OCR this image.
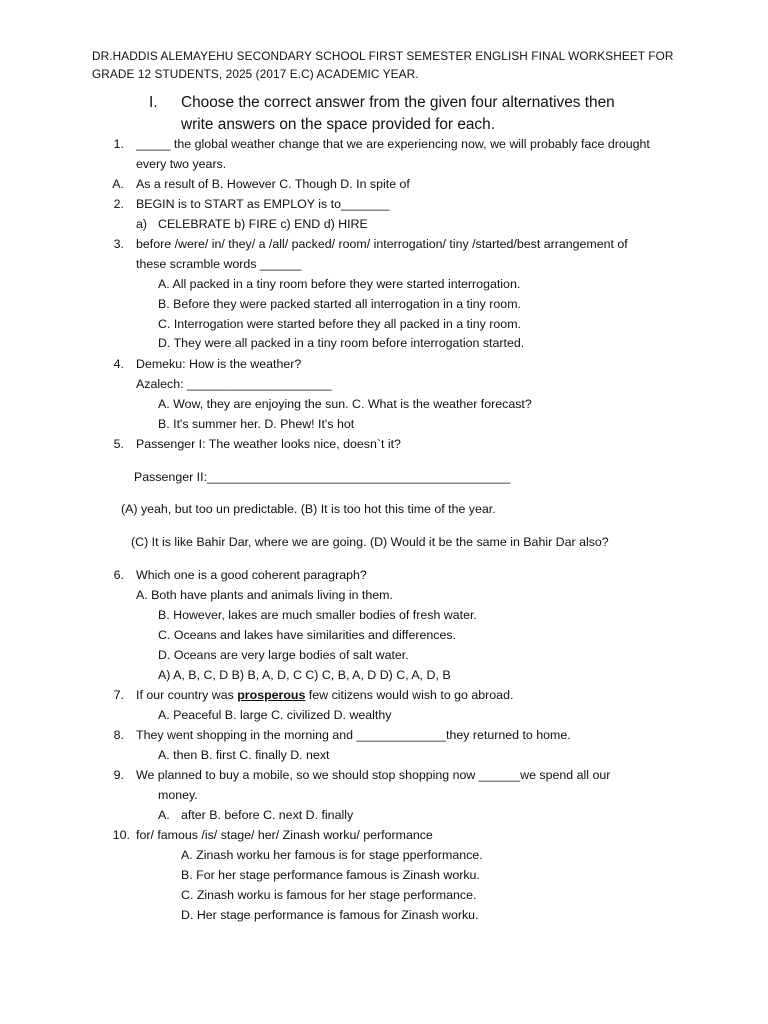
DR.HADDIS ALEMAYEHU SECONDARY SCHOOL FIRST SEMESTER ENGLISH FINAL WORKSHEET FOR
GRADE 12 STUDENTS, 2025 (2017 E.C) ACADEMIC YEAR.
I. Choose the correct answer from the given four alternatives then
write answers on the space provided for each.
1. _____ the global weather change that we are experiencing now, we will probably face drought
every two years.
A. As a result of B. However C. Though D. In spite of
2. BEGIN is to START as EMPLOY is to_______
a) CELEBRATE b) FIRE c) END d) HIRE
3. before /were/ in/ they/ a /all/ packed/ room/ interrogation/ tiny /started/best arrangement of
these scramble words ______
A. All packed in a tiny room before they were started interrogation.
B. Before they were packed started all interrogation in a tiny room.
C. Interrogation were started before they all packed in a tiny room.
D. They were all packed in a tiny room before interrogation started.
4. Demeku: How is the weather?
Azalech: _____________________
A. Wow, they are enjoying the sun. C. What is the weather forecast?
B. It's summer her. D. Phew! It's hot
5. Passenger I: The weather looks nice, doesn`t it?
Passenger II:____________________________________________
(A) yeah, but too un predictable. (B) It is too hot this time of the year.
(C) It is like Bahir Dar, where we are going. (D) Would it be the same in Bahir Dar also?
6. Which one is a good coherent paragraph?
A. Both have plants and animals living in them.
B. However, lakes are much smaller bodies of fresh water.
C. Oceans and lakes have similarities and differences.
D. Oceans are very large bodies of salt water.
A) A, B, C, D B) B, A, D, C C) C, B, A, D D) C, A, D, B
7. If our country was prosperous few citizens would wish to go abroad.
A. Peaceful B. large C. civilized D. wealthy
8. They went shopping in the morning and _____________they returned to home.
A. then B. first C. finally D. next
9. We planned to buy a mobile, so we should stop shopping now ______we spend all our
money.
A. after B. before C. next D. finally
10. for/ famous /is/ stage/ her/ Zinash worku/ performance
A. Zinash worku her famous is for stage pperformance.
B. For her stage performance famous is Zinash worku.
C. Zinash worku is famous for her stage performance.
D. Her stage performance is famous for Zinash worku.
